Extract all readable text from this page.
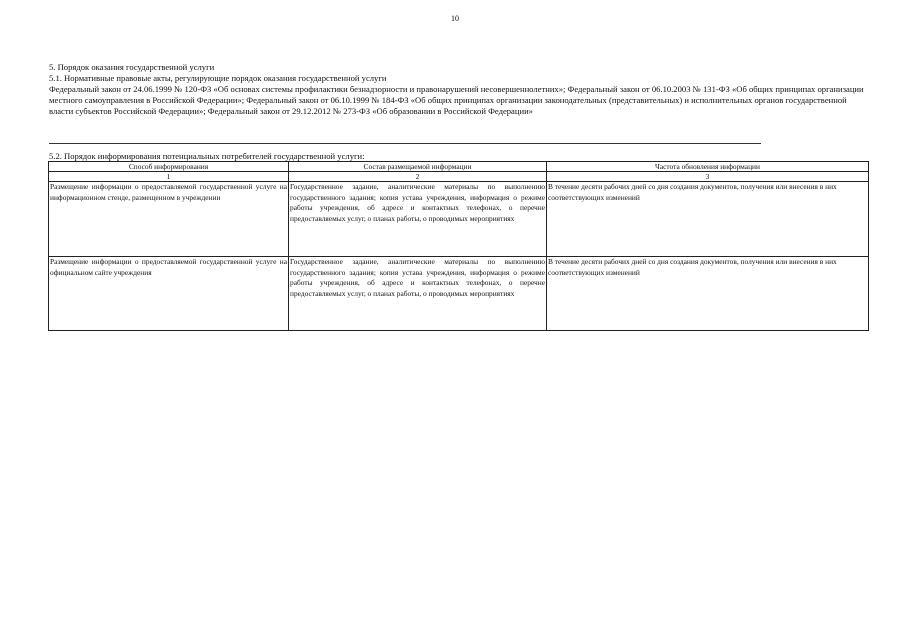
10

5. Порядок оказания государственной услуги

5.1. Нормативные правовые акты, регулирующие порядок оказания государственной услуги

Федеральный закон от 24.06.1999 № 120-ФЗ «Об основах системы профилактики безнадзорности и правонарушений несовершеннолетних»; Федеральный закон от 06.10.2003 № 131-ФЗ «Об общих принципах организации местного самоуправления в Российской Федерации»; Федеральный закон от 06.10.1999 № 184-ФЗ «Об общих принципах организации законодательных (представительных) и исполнительных органов государственной власти субъектов Российской Федерации»; Федеральный закон от 29.12.2012 № 273-ФЗ «Об образовании в Российской Федерации»

5.2. Порядок информирования потенциальных потребителей государственной услуги:
Способ информирования	Состав размещаемой информации	Частота обновления информации
1	2	3
Размещение информации о предоставляемой государственной услуге на информационном стенде, размещенном в учреждении	Государственное задание, аналитические материалы по выполнению государственного задания; копия устава учреждения, информация о режиме работы учреждения, об адресе и контактных телефонах, о перечне предоставляемых услуг, о планах работы, о проводимых мероприятиях	В течение десяти рабочих дней со дня создания документов, получения или внесения в них соответствующих изменений
Размещение информации о предоставляемой государственной услуге на официальном сайте учреждения	Государственное задание, аналитические материалы по выполнению государственного задания; копия устава учреждения, информация о режиме работы учреждения, об адресе и контактных телефонах, о перечне предоставляемых услуг, о планах работы, о проводимых мероприятиях	В течение десяти рабочих дней со дня создания документов, получения или внесения в них соответствующих изменений
